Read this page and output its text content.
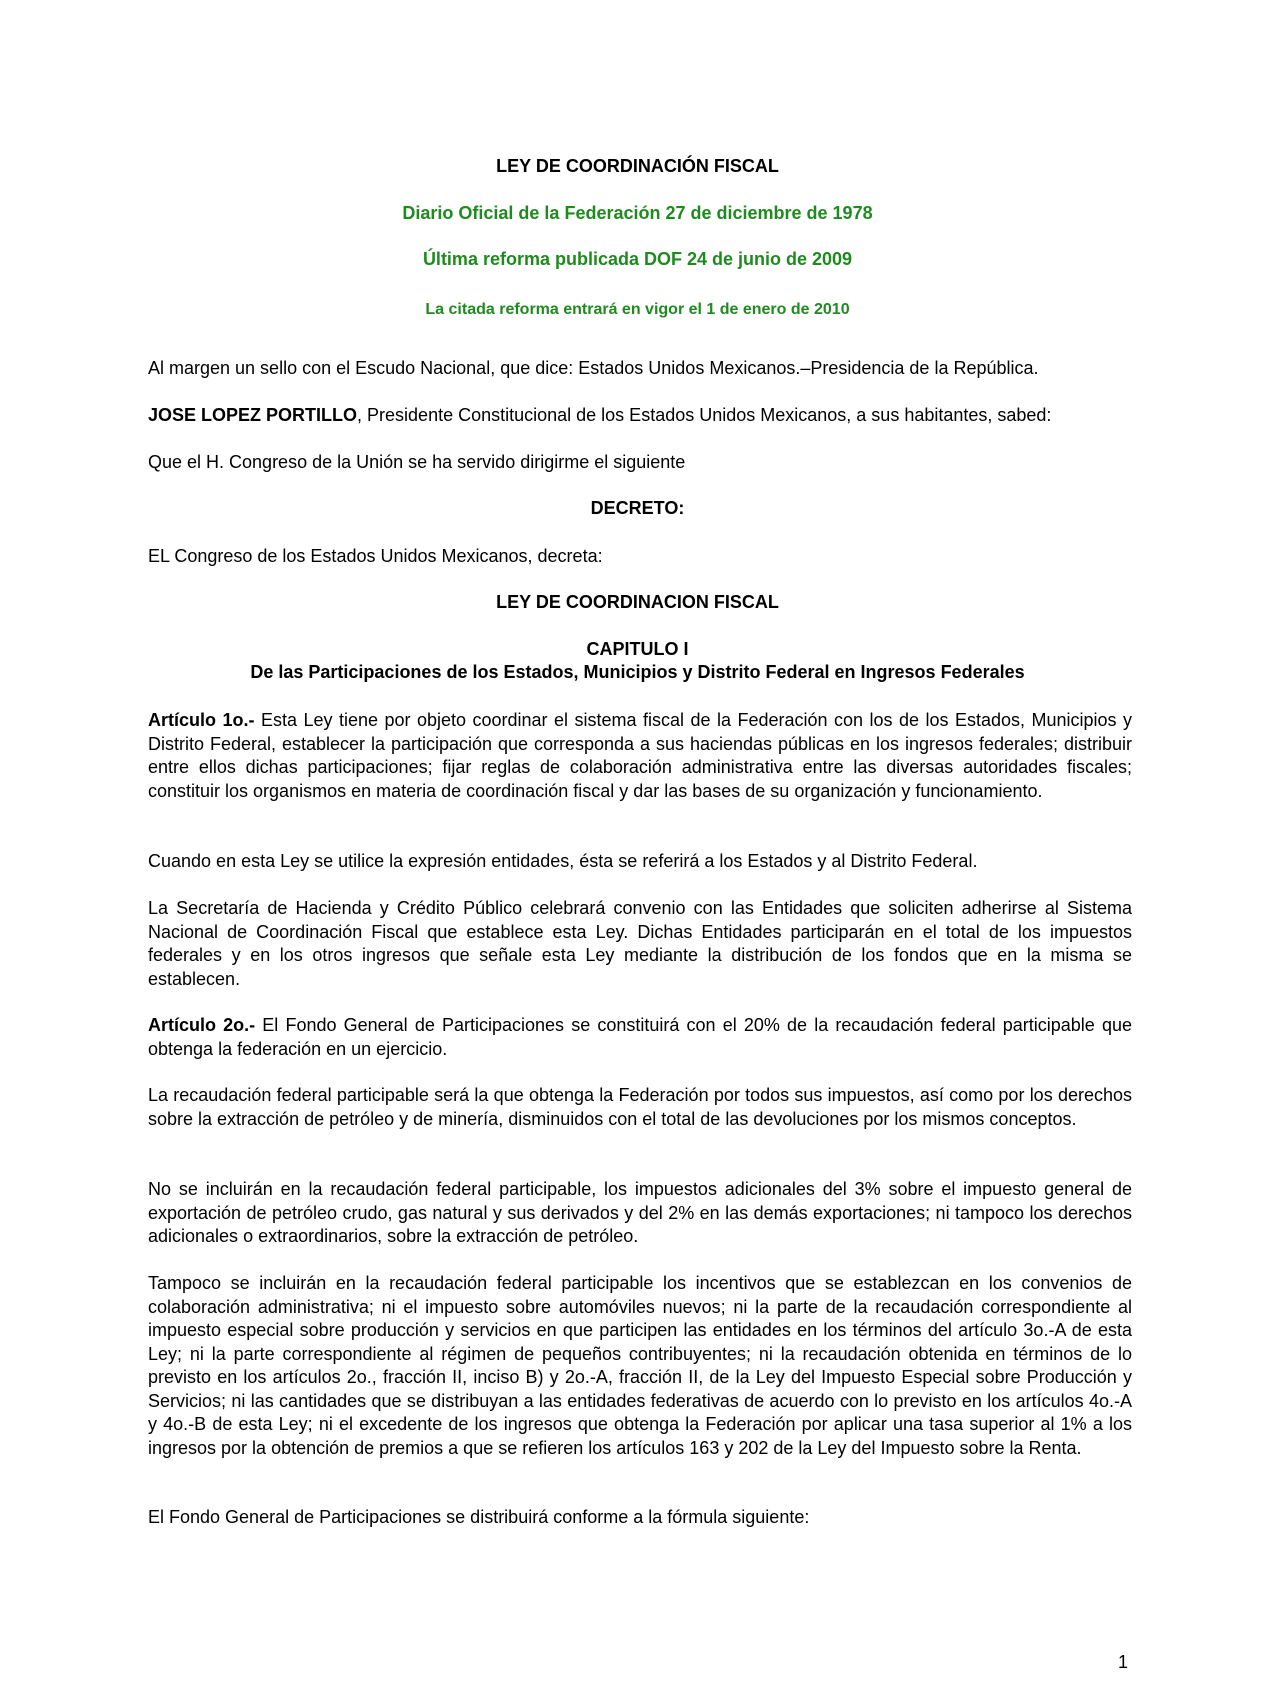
LEY DE COORDINACIÓN FISCAL
Diario Oficial de la Federación 27 de diciembre de 1978
Última reforma publicada DOF 24 de junio de 2009
La citada reforma entrará en vigor el 1 de enero de 2010
Al margen un sello con el Escudo Nacional, que dice: Estados Unidos Mexicanos.–Presidencia de la República.
JOSE LOPEZ PORTILLO, Presidente Constitucional de los Estados Unidos Mexicanos, a sus habitantes, sabed:
Que el H. Congreso de la Unión se ha servido dirigirme el siguiente
DECRETO:
EL Congreso de los Estados Unidos Mexicanos, decreta:
LEY DE COORDINACION FISCAL
CAPITULO I
De las Participaciones de los Estados, Municipios y Distrito Federal en Ingresos Federales
Artículo 1o.- Esta Ley tiene por objeto coordinar el sistema fiscal de la Federación con los de los Estados, Municipios y Distrito Federal, establecer la participación que corresponda a sus haciendas públicas en los ingresos federales; distribuir entre ellos dichas participaciones; fijar reglas de colaboración administrativa entre las diversas autoridades fiscales; constituir los organismos en materia de coordinación fiscal y dar las bases de su organización y funcionamiento.
Cuando en esta Ley se utilice la expresión entidades, ésta se referirá a los Estados y al Distrito Federal.
La Secretaría de Hacienda y Crédito Público celebrará convenio con las Entidades que soliciten adherirse al Sistema Nacional de Coordinación Fiscal que establece esta Ley. Dichas Entidades participarán en el total de los impuestos federales y en los otros ingresos que señale esta Ley mediante la distribución de los fondos que en la misma se establecen.
Artículo 2o.- El Fondo General de Participaciones se constituirá con el 20% de la recaudación federal participable que obtenga la federación en un ejercicio.
La recaudación federal participable será la que obtenga la Federación por todos sus impuestos, así como por los derechos sobre la extracción de petróleo y de minería, disminuidos con el total de las devoluciones por los mismos conceptos.
No se incluirán en la recaudación federal participable, los impuestos adicionales del 3% sobre el impuesto general de exportación de petróleo crudo, gas natural y sus derivados y del 2% en las demás exportaciones; ni tampoco los derechos adicionales o extraordinarios, sobre la extracción de petróleo.
Tampoco se incluirán en la recaudación federal participable los incentivos que se establezcan en los convenios de colaboración administrativa; ni el impuesto sobre automóviles nuevos; ni la parte de la recaudación correspondiente al impuesto especial sobre producción y servicios en que participen las entidades en los términos del artículo 3o.-A de esta Ley; ni la parte correspondiente al régimen de pequeños contribuyentes; ni la recaudación obtenida en términos de lo previsto en los artículos 2o., fracción II, inciso B) y 2o.-A, fracción II, de la Ley del Impuesto Especial sobre Producción y Servicios; ni las cantidades que se distribuyan a las entidades federativas de acuerdo con lo previsto en los artículos 4o.-A y 4o.-B de esta Ley; ni el excedente de los ingresos que obtenga la Federación por aplicar una tasa superior al 1% a los ingresos por la obtención de premios a que se refieren los artículos 163 y 202 de la Ley del Impuesto sobre la Renta.
El Fondo General de Participaciones se distribuirá conforme a la fórmula siguiente:
1
